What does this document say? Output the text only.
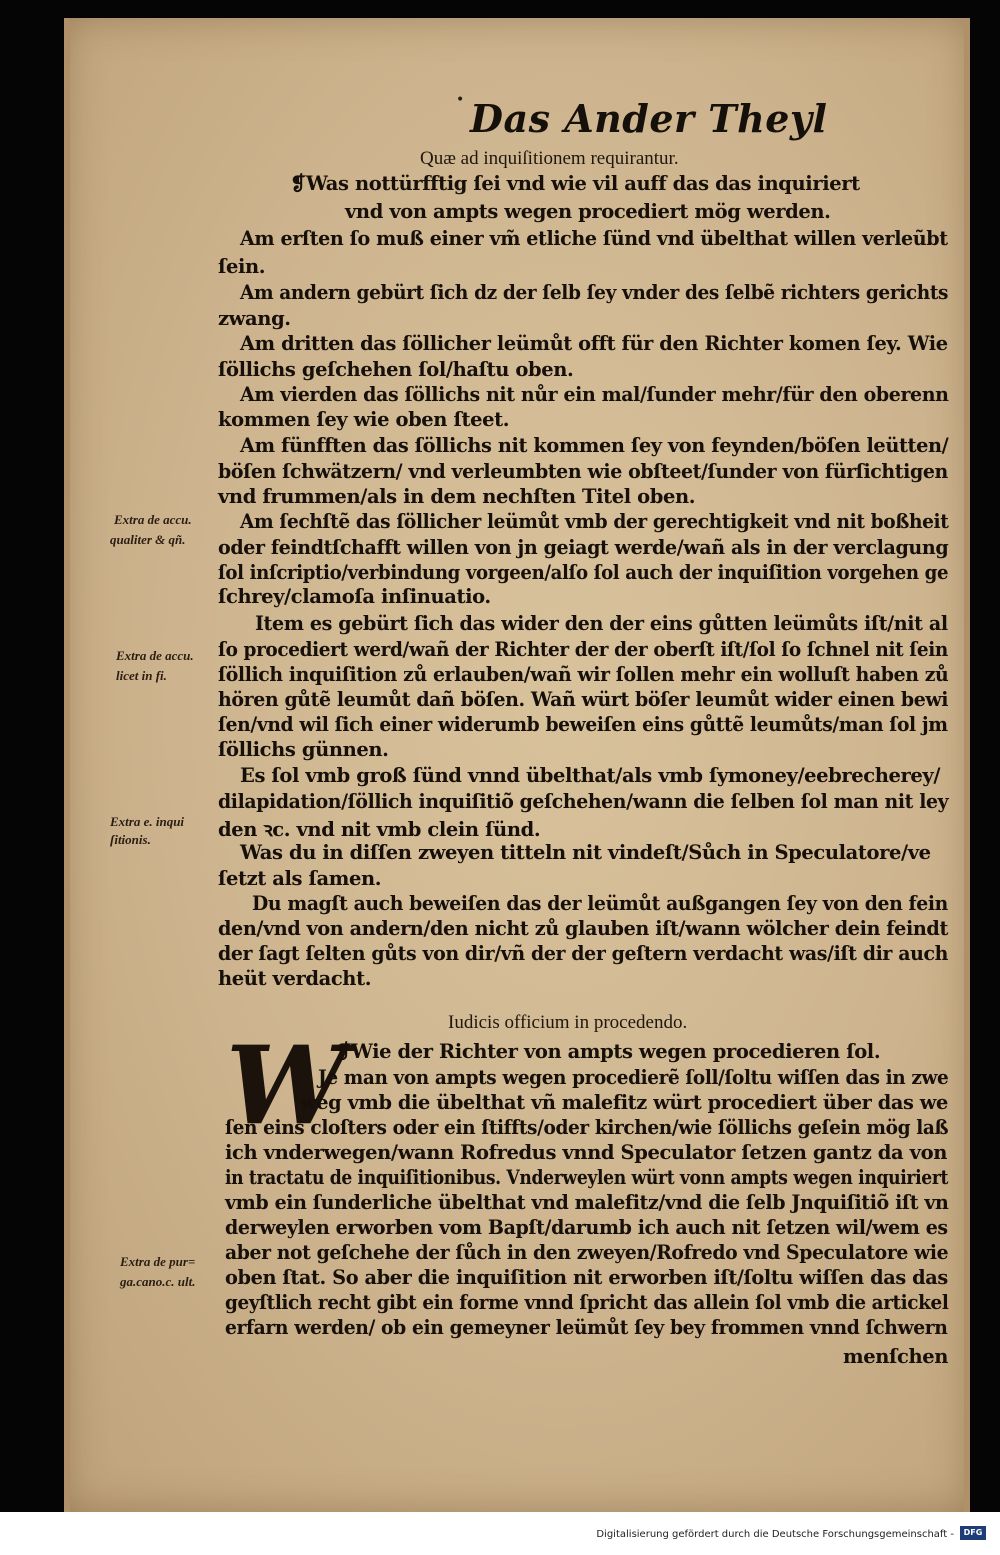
• Das Ander Theyl
Quæ ad inquiſitionem requirantur.
❡Was nottürfftig ſei vnd wie vil auff das das inquiriert
vnd von ampts wegen procediert mög werden.
Am erſten ſo muß einer vm̃ etliche ſünd vnd übelthat willen verleũbt
ſein.
Am andern gebürt ſich dz der ſelb ſey vnder des ſelbẽ richters gerichts
zwang.
Am dritten das ſöllicher leümůt offt für den Richter komen ſey. Wie
ſöllichs geſchehen ſol/haſtu oben.
Am vierden das ſöllichs nit nůr ein mal/ſunder mehr/für den oberenn
kommen ſey wie oben ſteet.
Am fünfften das ſöllichs nit kommen ſey von feynden/böſen leütten/
böſen ſchwätzern/ vnd verleumbten wie obſteet/ſunder von fürſichtigen
vnd frummen/als in dem nechſten Titel oben.
Am ſechſtẽ das ſöllicher leümůt vmb der gerechtigkeit vnd nit boßheit
oder feindtſchafft willen von jn geiagt werde/wañ als in der verclagung
ſol inſcriptio/verbindung vorgeen/alſo ſol auch der inquiſition vorgehen ge
ſchrey/clamoſa inſinuatio.
Item es gebürt ſich das wider den der eins gůtten leümůts iſt/nit al
ſo procediert werd/wañ der Richter der der oberſt iſt/ſol ſo ſchnel nit ſein
ſöllich inquiſition zů erlauben/wañ wir ſollen mehr ein wolluſt haben zů
hören gůtẽ leumůt dañ böſen. Wañ würt böſer leumůt wider einen bewi
ſen/vnd wil ſich einer widerumb beweiſen eins gůttẽ leumůts/man ſol jm
ſöllichs günnen.
Es ſol vmb groß ſünd vnnd übelthat/als vmb ſymoney/eebrecherey/
dilapidation/ſöllich inquiſitiõ geſchehen/wann die ſelben ſol man nit ley
den ꝛc. vnd nit vmb clein ſünd.
Was du in diſſen zweyen titteln nit vindeſt/Sůch in Speculatore/ve
ſetzt als ſamen.
Du magſt auch beweiſen das der leümůt außgangen ſey von den fein
den/vnd von andern/den nicht zů glauben iſt/wann wölcher dein feindt
der ſagt ſelten gůts von dir/vñ der der geſtern verdacht was/iſt dir auch
heüt verdacht.
Iudicis officium in procedendo.
W
❡Wie der Richter von ampts wegen procedieren ſol.
Je man von ampts wegen procedierẽ ſoll/ſoltu wiſſen das in zwe
weg vmb die übelthat vñ malefitz würt procediert über das we
ſen eins cloſters oder ein ſtiffts/oder kirchen/wie ſöllichs geſein mög laß
ich vnderwegen/wann Rofredus vnnd Speculator ſetzen gantz da von
in tractatu de inquiſitionibus. Vnderweylen würt vonn ampts wegen inquiriert
vmb ein ſunderliche übelthat vnd malefitz/vnd die ſelb Jnquiſitiõ iſt vn
derweylen erworben vom Bapſt/darumb ich auch nit ſetzen wil/wem es
aber not geſchehe der ſůch in den zweyen/Rofredo vnd Speculatore wie
oben ſtat. So aber die inquiſition nit erworben iſt/ſoltu wiſſen das das
geyſtlich recht gibt ein forme vnnd ſpricht das allein ſol vmb die artickel
erfarn werden/ ob ein gemeyner leümůt ſey bey frommen vnnd ſchwern
menſchen
Extra de accu.
qualiter & qñ.
Extra de accu.
licet in fi.
Extra e. inqui
ſitionis.
Extra de pur=
ga.cano.c. ult.
Digitalisierung gefördert durch die Deutsche Forschungsgemeinschaft -	DFG
